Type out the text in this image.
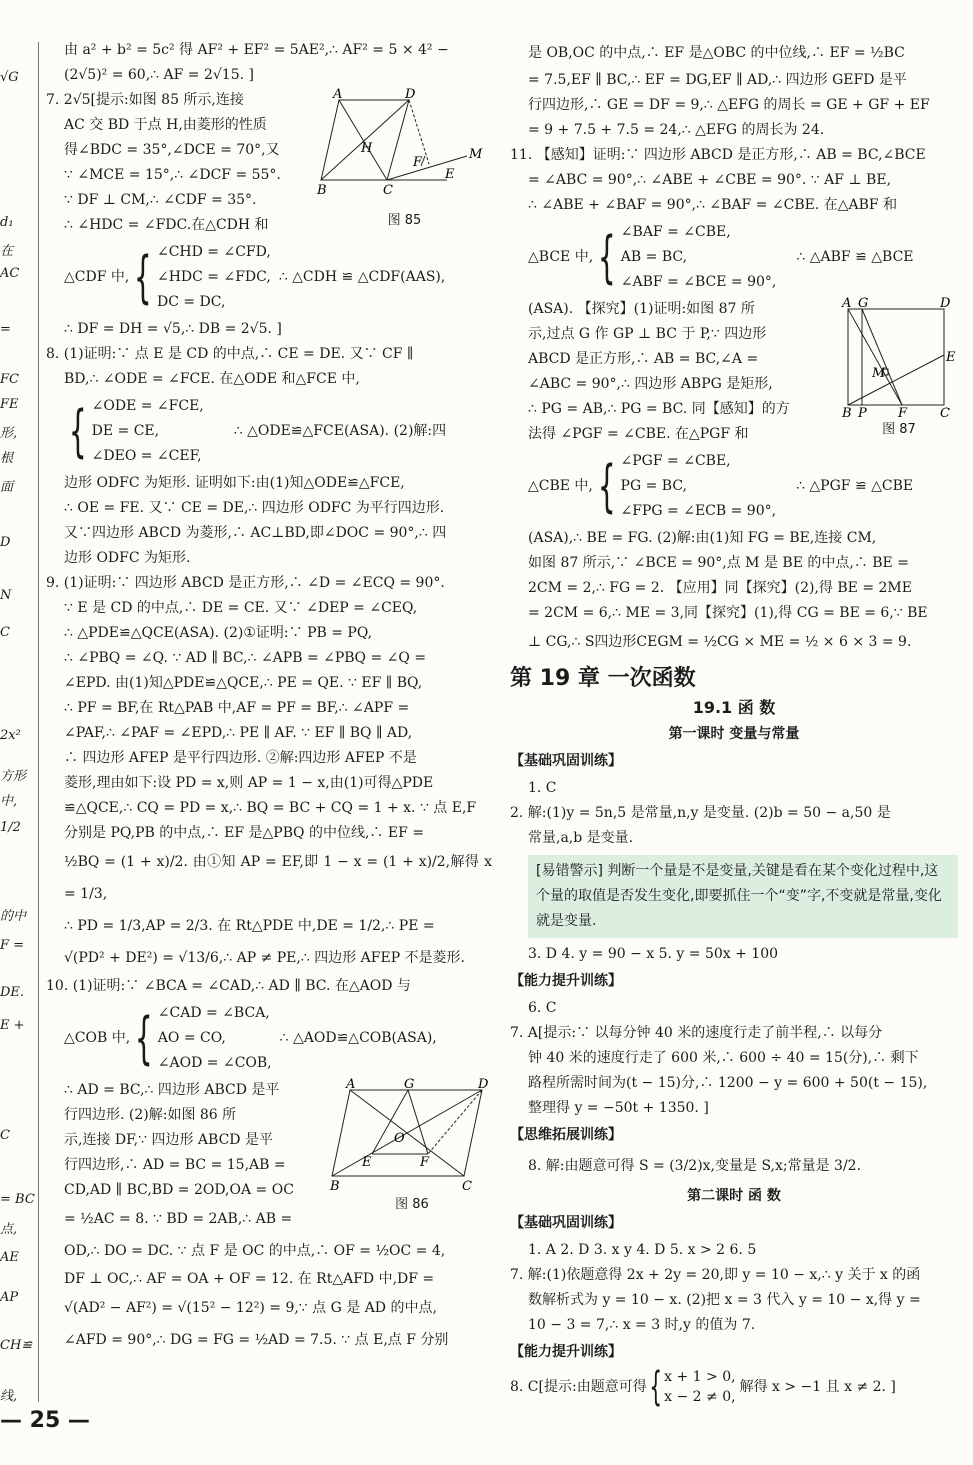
√G
d₁
在
AC
=
FC
FE
形,
根
面
D
N
C
2x²
方形
中,
1/2
的中
F =
DE.
E +
C
= BC
点,
AE
AP
CH≌
线,

由 a² + b² = 5c² 得 AF² + EF² = 5AE²,∴ AF² = 5 × 4² −

(2√5)² = 60,∴ AF = 2√15. ]

A	D
B	C
H
F
M
E
图 85

7. 2√5[提示:如图 85 所示,连接

AC 交 BD 于点 H,由菱形的性质

得∠BDC = 35°,∠DCE = 70°,又

∵ ∠MCE = 15°,∴ ∠DCF = 55°.

∵ DF ⊥ CM,∴ ∠CDF = 35°.

∴ ∠HDC = ∠FDC.在△CDH 和

△CDF 中, { ∠CHD = ∠CFD,
∠HDC = ∠FDC,
DC = DC,
∴ △CDH ≌ △CDF(AAS),

∴ DF = DH = √5,∴ DB = 2√5. ]

8. (1)证明:∵ 点 E 是 CD 的中点,∴ CE = DE. 又∵ CF ∥

BD,∴ ∠ODE = ∠FCE. 在△ODE 和△FCE 中,

{ ∠ODE = ∠FCE,
DE = CE,
∠DEO = ∠CEF,
∴ △ODE≌△FCE(ASA). (2)解:四

边形 ODFC 为矩形. 证明如下:由(1)知△ODE≌△FCE,

∴ OE = FE. 又∵ CE = DE,∴ 四边形 ODFC 为平行四边形.

又∵四边形 ABCD 为菱形,∴ AC⊥BD,即∠DOC = 90°,∴ 四

边形 ODFC 为矩形.

9. (1)证明:∵ 四边形 ABCD 是正方形,∴ ∠D = ∠ECQ = 90°.

∵ E 是 CD 的中点,∴ DE = CE. 又∵ ∠DEP = ∠CEQ,

∴ △PDE≌△QCE(ASA). (2)①证明:∵ PB = PQ,

∴ ∠PBQ = ∠Q. ∵ AD ∥ BC,∴ ∠APB = ∠PBQ = ∠Q =

∠EPD. 由(1)知△PDE≌△QCE,∴ PE = QE. ∵ EF ∥ BQ,

∴ PF = BF,在 Rt△PAB 中,AF = PF = BF,∴ ∠APF =

∠PAF,∴ ∠PAF = ∠EPD,∴ PE ∥ AF. ∵ EF ∥ BQ ∥ AD,

∴ 四边形 AFEP 是平行四边形. ②解:四边形 AFEP 不是

菱形,理由如下:设 PD = x,则 AP = 1 − x,由(1)可得△PDE

≌△QCE,∴ CQ = PD = x,∴ BQ = BC + CQ = 1 + x. ∵ 点 E,F

分别是 PQ,PB 的中点,∴ EF 是△PBQ 的中位线,∴ EF =

½BQ = (1 + x)/2. 由①知 AP = EF,即 1 − x = (1 + x)/2,解得 x = 1/3,

∴ PD = 1/3,AP = 2/3. 在 Rt△PDE 中,DE = 1/2,∴ PE =

√(PD² + DE²) = √13/6,∴ AP ≠ PE,∴ 四边形 AFEP 不是菱形.

10. (1)证明:∵ ∠BCA = ∠CAD,∴ AD ∥ BC. 在△AOD 与

△COB 中, { ∠CAD = ∠BCA,
AO = CO,
∠AOD = ∠COB,
∴ △AOD≌△COB(ASA),
A	G	D
B	C
O
E	F
图 86

∴ AD = BC,∴ 四边形 ABCD 是平

行四边形. (2)解:如图 86 所

示,连接 DF,∵ 四边形 ABCD 是平

行四边形,∴ AD = BC = 15,AB =

CD,AD ∥ BC,BD = 2OD,OA = OC

= ½AC = 8. ∵ BD = 2AB,∴ AB =

OD,∴ DO = DC. ∵ 点 F 是 OC 的中点,∴ OF = ½OC = 4,

DF ⊥ OC,∴ AF = OA + OF = 12. 在 Rt△AFD 中,DF =

√(AD² − AF²) = √(15² − 12²) = 9,∵ 点 G 是 AD 的中点,

∠AFD = 90°,∴ DG = FG = ½AD = 7.5. ∵ 点 E,点 F 分别

是 OB,OC 的中点,∴ EF 是△OBC 的中位线,∴ EF = ½BC

= 7.5,EF ∥ BC,∴ EF = DG,EF ∥ AD,∴ 四边形 GEFD 是平

行四边形,∴ GE = DF = 9,∴ △EFG 的周长 = GE + GF + EF

= 9 + 7.5 + 7.5 = 24,∴ △EFG 的周长为 24.

11. 【感知】证明:∵ 四边形 ABCD 是正方形,∴ AB = BC,∠BCE

= ∠ABC = 90°,∴ ∠ABE + ∠CBE = 90°. ∵ AF ⊥ BE,

∴ ∠ABE + ∠BAF = 90°,∴ ∠BAF = ∠CBE. 在△ABF 和

△BCE 中, { ∠BAF = ∠CBE,
AB = BC,
∠ABF = ∠BCE = 90°,
∴ △ABF ≌ △BCE
A G	D
B P F	C
M
E
图 87

(ASA). 【探究】(1)证明:如图 87 所

示,过点 G 作 GP ⊥ BC 于 P,∵ 四边形

ABCD 是正方形,∴ AB = BC,∠A =

∠ABC = 90°,∴ 四边形 ABPG 是矩形,

∴ PG = AB,∴ PG = BC. 同【感知】的方

法得 ∠PGF = ∠CBE. 在△PGF 和

△CBE 中, { ∠PGF = ∠CBE,
PG = BC,
∠FPG = ∠ECB = 90°,
∴ △PGF ≌ △CBE

(ASA),∴ BE = FG. (2)解:由(1)知 FG = BE,连接 CM,

如图 87 所示,∵ ∠BCE = 90°,点 M 是 BE 的中点,∴ BE =

2CM = 2,∴ FG = 2. 【应用】同【探究】(2),得 BE = 2ME

= 2CM = 6,∴ ME = 3,同【探究】(1),得 CG = BE = 6,∵ BE

⊥ CG,∴ S四边形CEGM = ½CG × ME = ½ × 6 × 3 = 9.

第 19 章 一次函数
19.1 函 数
第一课时 变量与常量
【基础巩固训练】

1. C

2. 解:(1)y = 5n,5 是常量,n,y 是变量. (2)b = 50 − a,50 是

常量,a,b 是变量.

[易错警示] 判断一个量是不是变量,关键是看在某个变化过程中,这个量的取值是否发生变化,即要抓住一个“变”字,不变就是常量,变化就是变量.

3. D 4. y = 90 − x 5. y = 50x + 100

【能力提升训练】

6. C

7. A[提示:∵ 以每分钟 40 米的速度行走了前半程,∴ 以每分

钟 40 米的速度行走了 600 米,∴ 600 ÷ 40 = 15(分),∴ 剩下

路程所需时间为(t − 15)分,∴ 1200 − y = 600 + 50(t − 15),

整理得 y = −50t + 1350. ]

【思维拓展训练】

8. 解:由题意可得 S = (3/2)x,变量是 S,x;常量是 3/2.

第二课时 函 数
【基础巩固训练】

1. A 2. D 3. x y 4. D 5. x > 2 6. 5

7. 解:(1)依题意得 2x + 2y = 20,即 y = 10 − x,∴ y 关于 x 的函

数解析式为 y = 10 − x. (2)把 x = 3 代入 y = 10 − x,得 y =

10 − 3 = 7,∴ x = 3 时,y 的值为 7.

【能力提升训练】
8. C[提示:由题意可得 { x + 1 > 0,
x − 2 ≠ 0,
解得 x > −1 且 x ≠ 2. ]
— 25 —
